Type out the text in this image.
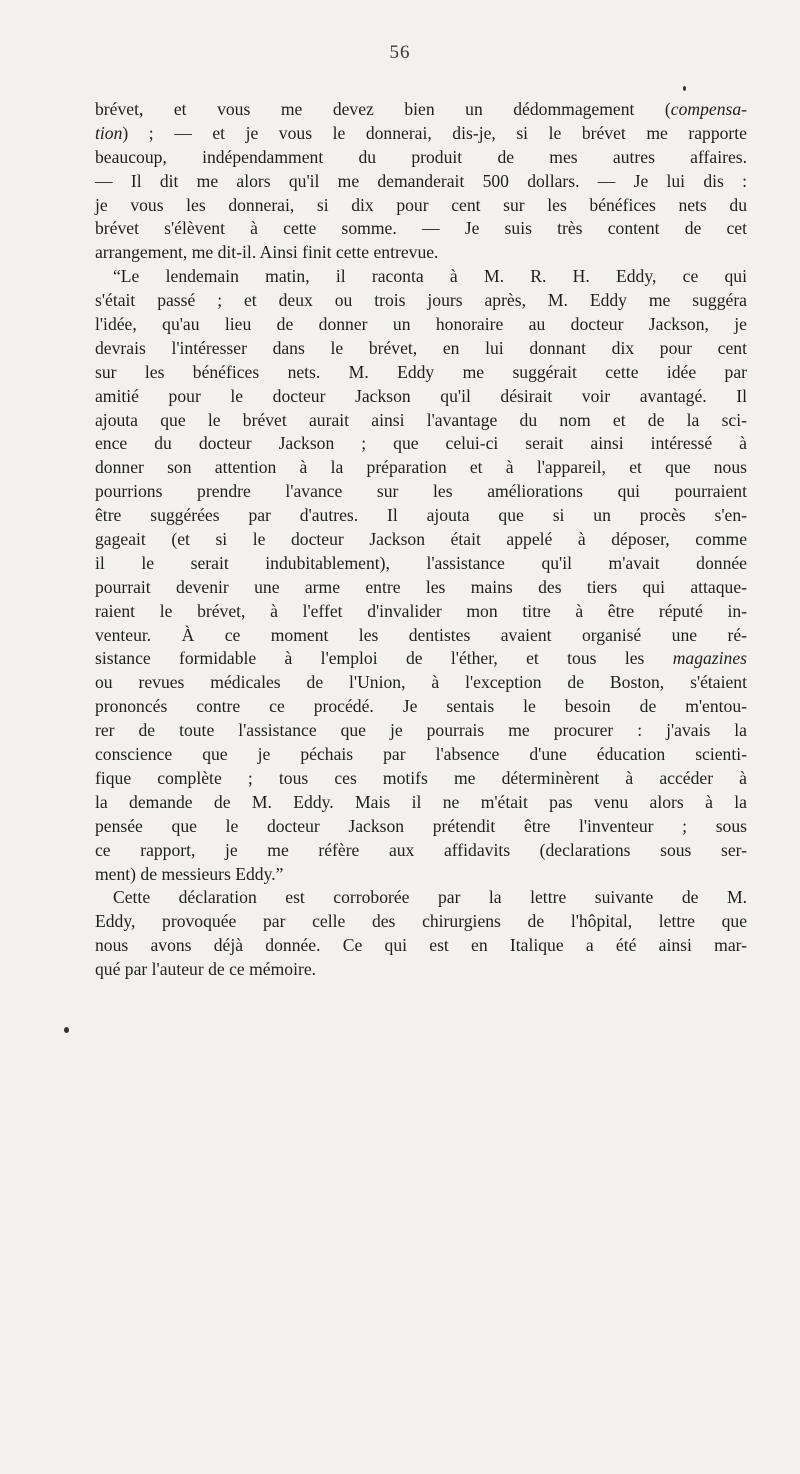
56
brévet, et vous me devez bien un dédommagement (compensa-
tion) ; — et je vous le donnerai, dis-je, si le brévet me rapporte
beaucoup, indépendamment du produit de mes autres affaires.
— Il dit me alors qu'il me demanderait 500 dollars. — Je lui dis :
je vous les donnerai, si dix pour cent sur les bénéfices nets du
brévet s'élèvent à cette somme. — Je suis très content de cet
arrangement, me dit-il. Ainsi finit cette entrevue.
“Le lendemain matin, il raconta à M. R. H. Eddy, ce qui
s'était passé ; et deux ou trois jours après, M. Eddy me suggéra
l'idée, qu'au lieu de donner un honoraire au docteur Jackson, je
devrais l'intéresser dans le brévet, en lui donnant dix pour cent
sur les bénéfices nets. M. Eddy me suggérait cette idée par
amitié pour le docteur Jackson qu'il désirait voir avantagé. Il
ajouta que le brévet aurait ainsi l'avantage du nom et de la sci-
ence du docteur Jackson ; que celui-ci serait ainsi intéressé à
donner son attention à la préparation et à l'appareil, et que nous
pourrions prendre l'avance sur les améliorations qui pourraient
être suggérées par d'autres. Il ajouta que si un procès s'en-
gageait (et si le docteur Jackson était appelé à déposer, comme
il le serait indubitablement), l'assistance qu'il m'avait donnée
pourrait devenir une arme entre les mains des tiers qui attaque-
raient le brévet, à l'effet d'invalider mon titre à être réputé in-
venteur. À ce moment les dentistes avaient organisé une ré-
sistance formidable à l'emploi de l'éther, et tous les magazines
ou revues médicales de l'Union, à l'exception de Boston, s'étaient
prononcés contre ce procédé. Je sentais le besoin de m'entou-
rer de toute l'assistance que je pourrais me procurer : j'avais la
conscience que je péchais par l'absence d'une éducation scienti-
fique complète ; tous ces motifs me déterminèrent à accéder à
la demande de M. Eddy. Mais il ne m'était pas venu alors à la
pensée que le docteur Jackson prétendit être l'inventeur ; sous
ce rapport, je me réfère aux affidavits (declarations sous ser-
ment) de messieurs Eddy.”
Cette déclaration est corroborée par la lettre suivante de M.
Eddy, provoquée par celle des chirurgiens de l'hôpital, lettre que
nous avons déjà donnée. Ce qui est en Italique a été ainsi mar-
qué par l'auteur de ce mémoire.
